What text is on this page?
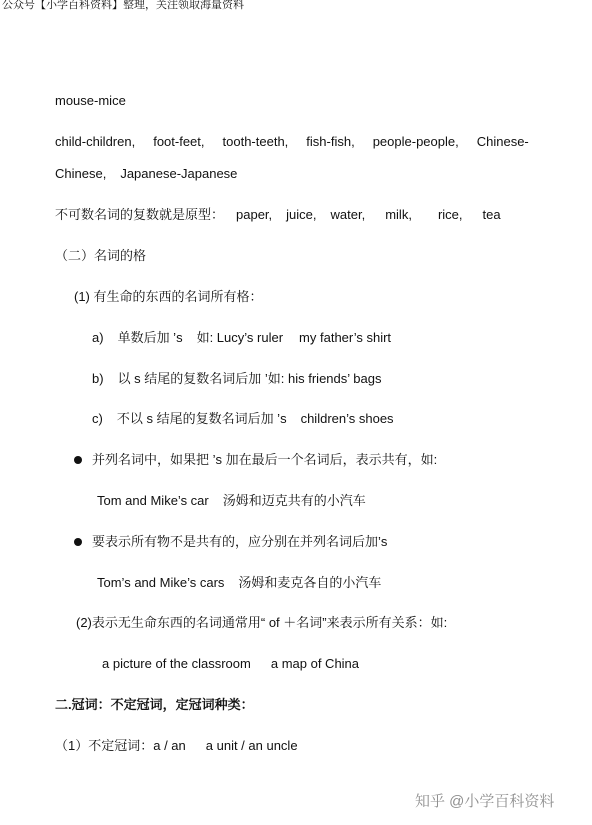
公众号【小学百科资料】整理，关注领取海量资料
mouse-mice
child-children, foot-feet, tooth-teeth, fish-fish, people-people, Chinese-
Chinese, Japanese-Japanese
不可数名词的复数就是原型： paper, juice, water, milk, rice, tea
（二）名词的格
(1) 有生命的东西的名词所有格：
a) 单数后加 ’s 如: Lucy’s ruler my father’s shirt
b) 以 s 结尾的复数名词后加 ’如: his friends’ bags
c) 不以 s 结尾的复数名词后加 ’s children’s shoes
并列名词中，如果把 ’s 加在最后一个名词后，表示共有，如:
Tom and Mike’s car 汤姆和迈克共有的小汽车
要表示所有物不是共有的，应分别在并列名词后加’s
Tom’s and Mike’s cars 汤姆和麦克各自的小汽车
(2)表示无生命东西的名词通常用“ of ＋名词”来表示所有关系：如:
a picture of the classroom a map of China
二.冠词：不定冠词，定冠词种类：
（1）不定冠词：a / an a unit / an uncle
知乎 @小学百科资料
